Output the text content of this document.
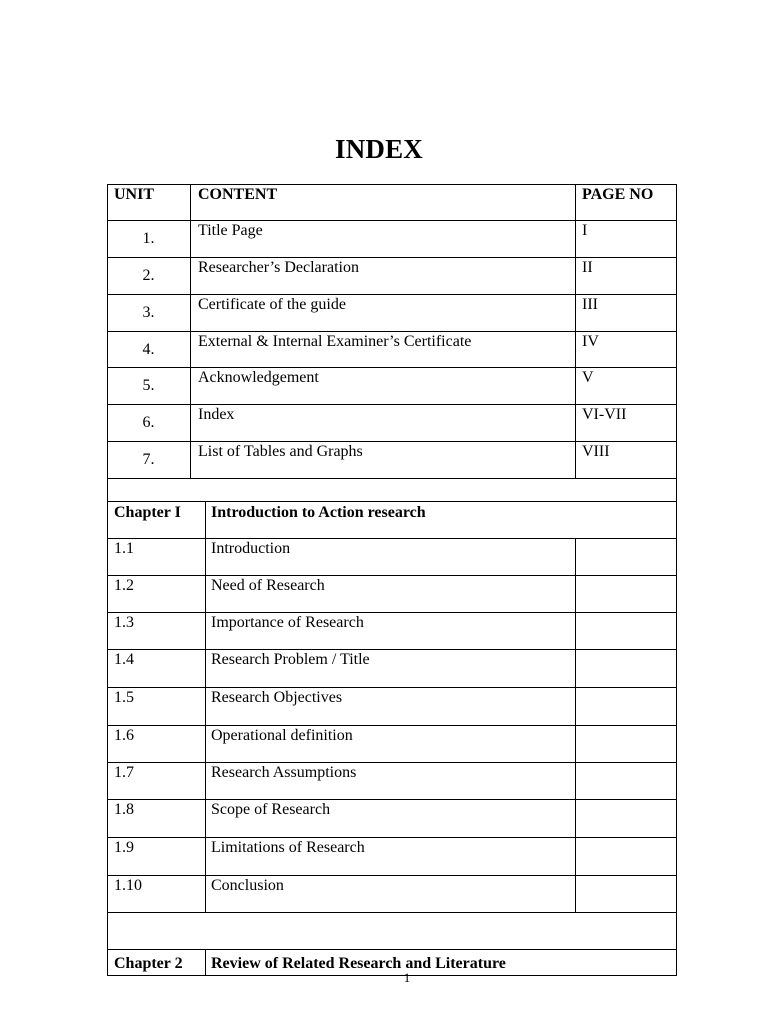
INDEX
UNIT	CONTENT	PAGE NO
1.	Title Page	I
2.	Researcher’s Declaration	II
3.	Certificate of the guide	III
4.	External & Internal Examiner’s Certificate	IV
5.	Acknowledgement	V
6.	Index	VI-VII
7.	List of Tables and Graphs	VIII
Chapter I Introduction to Action research
1.1	Introduction
1.2	Need of Research
1.3	Importance of Research
1.4	Research Problem / Title
1.5	Research Objectives
1.6	Operational definition
1.7	Research Assumptions
1.8	Scope of Research
1.9	Limitations of Research
1.10	Conclusion
Chapter 2 Review of Related Research and Literature
1
